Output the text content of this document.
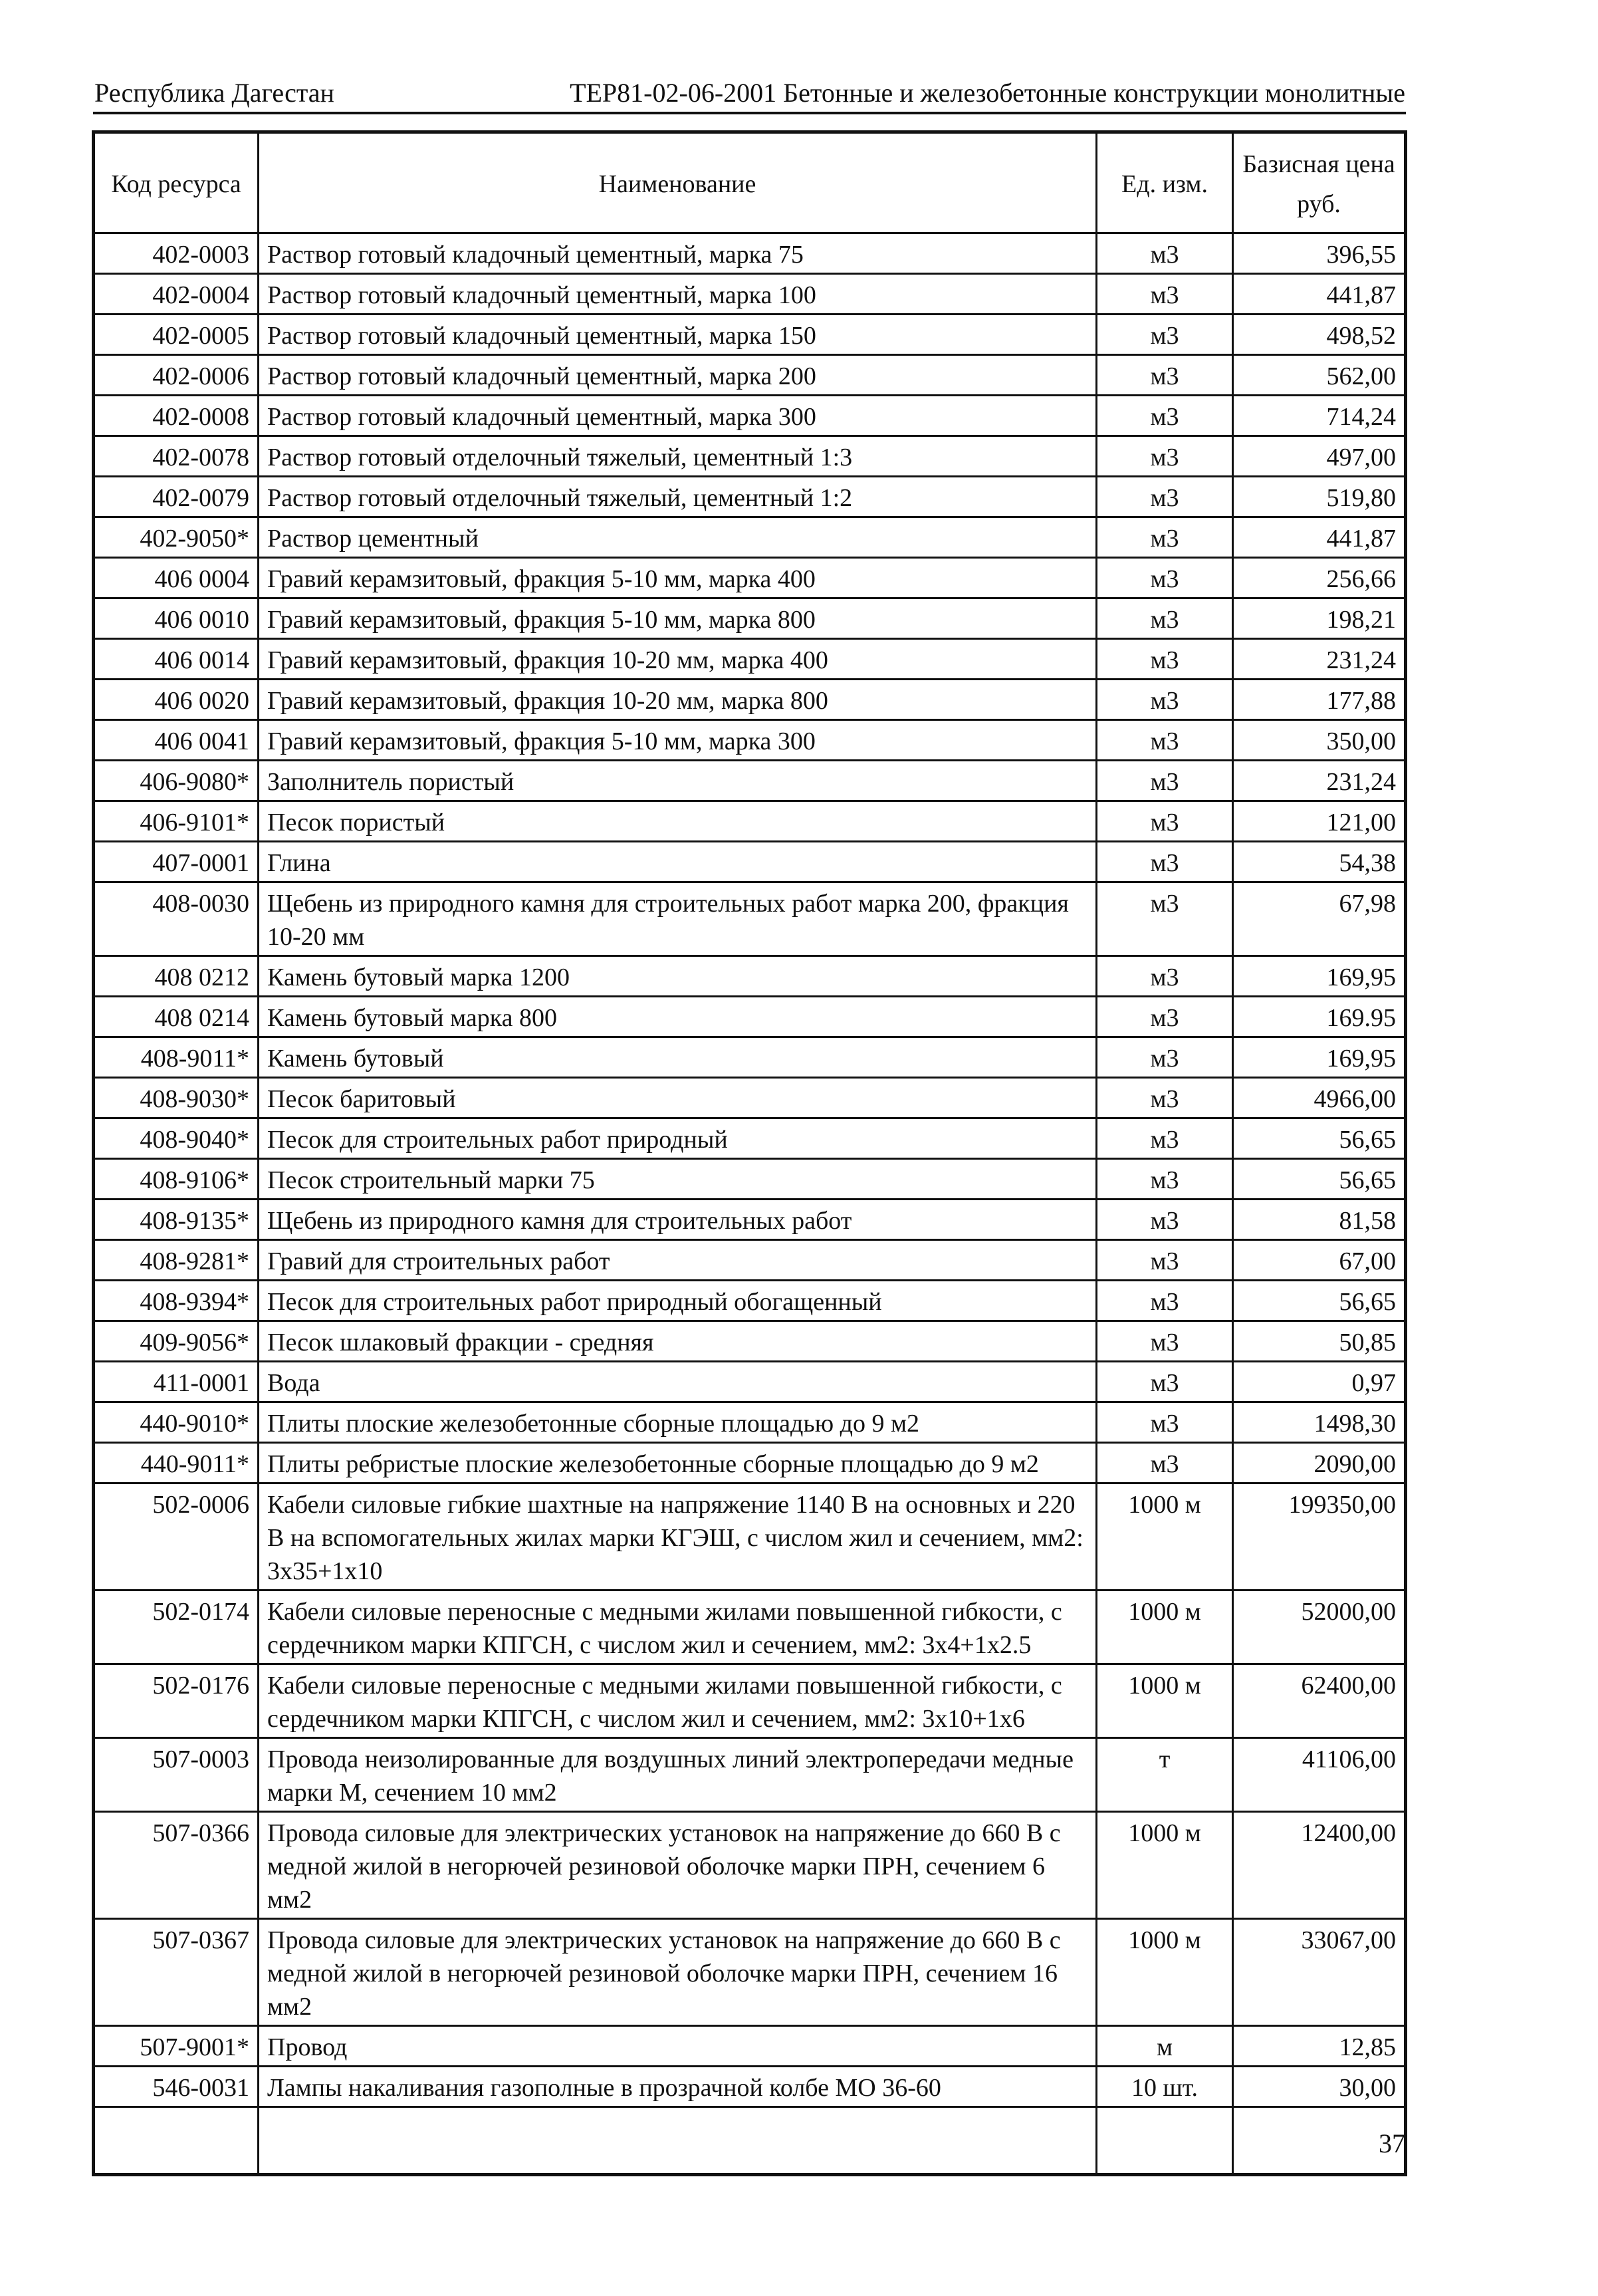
Республика Дагестан	ТЕР81-02-06-2001 Бетонные и железобетонные конструкции монолитные
Код ресурса	Наименование	Ед. изм.	Базисная цена
руб.

402-0003	Раствор готовый кладочный цементный, марка 75	м3	396,55
402-0004	Раствор готовый кладочный цементный, марка 100	м3	441,87
402-0005	Раствор готовый кладочный цементный, марка 150	м3	498,52
402-0006	Раствор готовый кладочный цементный, марка 200	м3	562,00
402-0008	Раствор готовый кладочный цементный, марка 300	м3	714,24
402-0078	Раствор готовый отделочный тяжелый, цементный 1:3	м3	497,00
402-0079	Раствор готовый отделочный тяжелый, цементный 1:2	м3	519,80
402-9050*	Раствор цементный	м3	441,87
406 0004	Гравий керамзитовый, фракция 5-10 мм, марка 400	м3	256,66
406 0010	Гравий керамзитовый, фракция 5-10 мм, марка 800	м3	198,21
406 0014	Гравий керамзитовый, фракция 10-20 мм, марка 400	м3	231,24
406 0020	Гравий керамзитовый, фракция 10-20 мм, марка 800	м3	177,88
406 0041	Гравий керамзитовый, фракция 5-10 мм, марка 300	м3	350,00
406-9080*	Заполнитель пористый	м3	231,24
406-9101*	Песок пористый	м3	121,00
407-0001	Глина	м3	54,38
408-0030	Щебень из природного камня для строительных работ марка 200, фракция 10-20 мм	м3	67,98
408 0212	Камень бутовый марка 1200	м3	169,95
408 0214	Камень бутовый марка 800	м3	169.95
408-9011*	Камень бутовый	м3	169,95
408-9030*	Песок баритовый	м3	4966,00
408-9040*	Песок для строительных работ природный	м3	56,65
408-9106*	Песок строительный марки 75	м3	56,65
408-9135*	Щебень из природного камня для строительных работ	м3	81,58
408-9281*	Гравий для строительных работ	м3	67,00
408-9394*	Песок для строительных работ природный обогащенный	м3	56,65
409-9056*	Песок шлаковый фракции - средняя	м3	50,85
411-0001	Вода	м3	0,97
440-9010*	Плиты плоские железобетонные сборные площадью до 9 м2	м3	1498,30
440-9011*	Плиты ребристые плоские железобетонные сборные площадью до 9 м2	м3	2090,00
502-0006	Кабели силовые гибкие шахтные на напряжение 1140 В на основных и 220 В на вспомогательных жилах марки КГЭШ, с числом жил и сечением, мм2: 3x35+1x10	1000 м	199350,00
502-0174	Кабели силовые переносные с медными жилами повышенной гибкости, с сердечником марки КПГСН, с числом жил и сечением, мм2: 3x4+1x2.5	1000 м	52000,00
502-0176	Кабели силовые переносные с медными жилами повышенной гибкости, с сердечником марки КПГСН, с числом жил и сечением, мм2: 3x10+1x6	1000 м	62400,00
507-0003	Провода неизолированные для воздушных линий электропередачи медные марки М, сечением 10 мм2	т	41106,00
507-0366	Провода силовые для электрических установок на напряжение до 660 В с медной жилой в негорючей резиновой оболочке марки ПРН, сечением 6 мм2	1000 м	12400,00
507-0367	Провода силовые для электрических установок на напряжение до 660 В с медной жилой в негорючей резиновой оболочке марки ПРН, сечением 16 мм2	1000 м	33067,00
507-9001*	Провод	м	12,85
546-0031	Лампы накаливания газополные в прозрачной колбе МО 36-60	10 шт.	30,00

37
